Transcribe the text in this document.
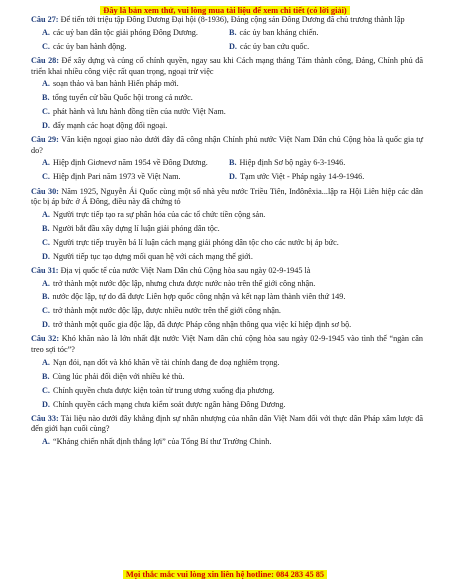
Đây là bản xem thử, vui lòng mua tài liệu để xem chi tiết (có lời giải)
Câu 27: Để tiến tới triệu tập Đông Dương Đại hội (8-1936), Đảng cộng sản Đông Dương đã chủ trương thành lập
A. các uỷ ban dân tộc giải phóng Đông Dương.	B. các ủy ban kháng chiến.
C. các ủy ban hành động.	D. các ủy ban cứu quốc.
Câu 28: Để xây dựng và củng cố chính quyền, ngay sau khi Cách mạng tháng Tám thành công, Đảng, Chính phủ đã triển khai nhiều công việc rất quan trọng, ngoại trừ việc
A. soạn thảo và ban hành Hiến pháp mới.
B. tổng tuyển cử bầu Quốc hội trong cả nước.
C. phát hành và lưu hành đồng tiền của nước Việt Nam.
D. đẩy mạnh các hoạt động đối ngoại.
Câu 29: Văn kiện ngoại giao nào dưới đây đã công nhận Chính phủ nước Việt Nam Dân chủ Cộng hòa là quốc gia tự do?
A. Hiệp định Giơnevơ năm 1954 về Đông Dương.	B. Hiệp định Sơ bộ ngày 6-3-1946.
C. Hiệp định Pari năm 1973 về Việt Nam.	D. Tạm ước Việt - Pháp ngày 14-9-1946.
Câu 30: Năm 1925, Nguyễn Ái Quốc cùng một số nhà yêu nước Triều Tiên, Inđônêxia...lập ra Hội Liên hiệp các dân tộc bị áp bức ở Á Đông, điều này đã chứng tỏ
A. Người trực tiếp tạo ra sự phân hóa của các tổ chức tiền cộng sản.
B. Người bắt đầu xây dựng lí luận giải phóng dân tộc.
C. Người trực tiếp truyền bá lí luận cách mạng giải phóng dân tộc cho các nước bị áp bức.
D. Người tiếp tục tạo dựng mối quan hệ với cách mạng thế giới.
Câu 31: Địa vị quốc tế của nước Việt Nam Dân chủ Cộng hòa sau ngày 02-9-1945 là
A. trở thành một nước độc lập, nhưng chưa được nước nào trên thế giới công nhận.
B. nước độc lập, tự do đã được Liên hợp quốc công nhận và kết nạp làm thành viên thứ 149.
C. trở thành một nước độc lập, được nhiều nước trên thế giới công nhận.
D. trở thành một quốc gia độc lập, đã được Pháp công nhận thông qua việc kí hiệp định sơ bộ.
Câu 32: Khó khăn nào là lớn nhất đặt nước Việt Nam dân chủ cộng hòa sau ngày 02-9-1945 vào tình thế “ngàn cân treo sợi tóc”?
A. Nạn đói, nạn dốt và khó khăn về tài chính đang đe doạ nghiêm trọng.
B. Cùng lúc phải đối diện với nhiều kẻ thù.
C. Chính quyền chưa được kiện toàn từ trung ương xuống địa phương.
D. Chính quyền cách mạng chưa kiểm soát được ngân hàng Đông Dương.
Câu 33: Tài liệu nào dưới đây khẳng định sự nhân nhượng của nhân dân Việt Nam đối với thực dân Pháp xâm lược đã đến giới hạn cuối cùng?
A. “Kháng chiến nhất định thắng lợi” của Tổng Bí thư Trường Chinh.
Mọi thắc mắc vui lòng xin liên hệ hotline: 084 283 45 85
